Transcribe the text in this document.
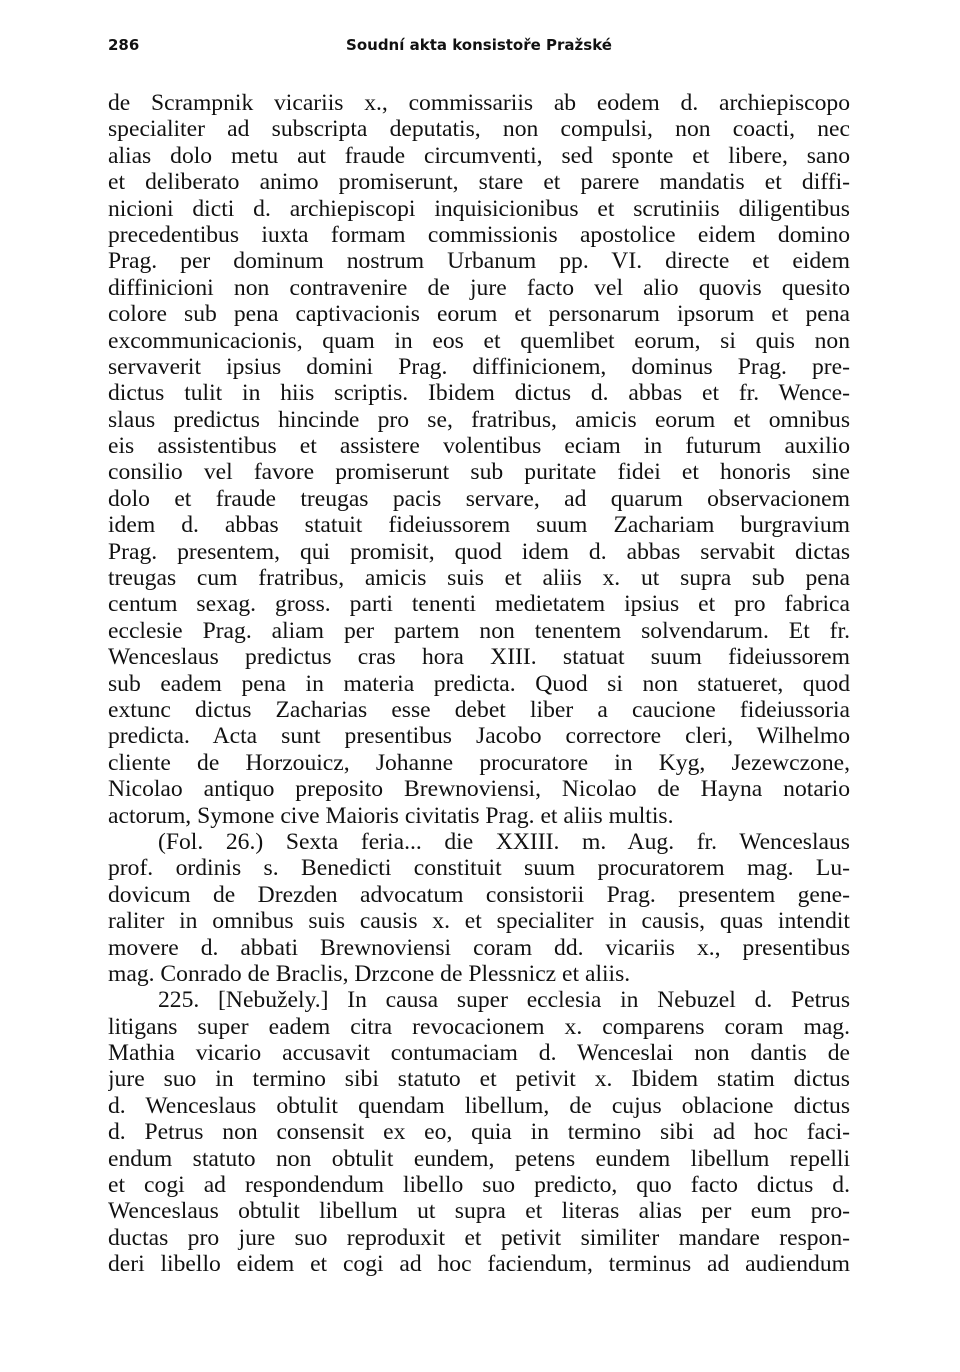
286	Soudní akta konsistoře Pražské
de Scrampnik vicariis x., commissariis ab eodem d. archiepiscopo
specialiter ad subscripta deputatis, non compulsi, non coacti, nec
alias dolo metu aut fraude circumventi, sed sponte et libere, sano
et deliberato animo promiserunt, stare et parere mandatis et diffi-
nicioni dicti d. archiepiscopi inquisicionibus et scrutiniis diligentibus
precedentibus iuxta formam commissionis apostolice eidem domino
Prag. per dominum nostrum Urbanum pp. VI. directe et eidem
diffinicioni non contravenire de jure facto vel alio quovis quesito
colore sub pena captivacionis eorum et personarum ipsorum et pena
excommunicacionis, quam in eos et quemlibet eorum, si quis non
servaverit ipsius domini Prag. diffinicionem, dominus Prag. pre-
dictus tulit in hiis scriptis. Ibidem dictus d. abbas et fr. Wence-
slaus predictus hincinde pro se, fratribus, amicis eorum et omnibus
eis assistentibus et assistere volentibus eciam in futurum auxilio
consilio vel favore promiserunt sub puritate fidei et honoris sine
dolo et fraude treugas pacis servare, ad quarum observacionem
idem d. abbas statuit fideiussorem suum Zachariam burgravium
Prag. presentem, qui promisit, quod idem d. abbas servabit dictas
treugas cum fratribus, amicis suis et aliis x. ut supra sub pena
centum sexag. gross. parti tenenti medietatem ipsius et pro fabrica
ecclesie Prag. aliam per partem non tenentem solvendarum. Et fr.
Wenceslaus predictus cras hora XIII. statuat suum fideiussorem
sub eadem pena in materia predicta. Quod si non statueret, quod
extunc dictus Zacharias esse debet liber a caucione fideiussoria
predicta. Acta sunt presentibus Jacobo correctore cleri, Wilhelmo
cliente de Horzouicz, Johanne procuratore in Kyg, Jezewczone,
Nicolao antiquo preposito Brewnoviensi, Nicolao de Hayna notario
actorum, Symone cive Maioris civitatis Prag. et aliis multis.
(Fol. 26.) Sexta feria... die XXIII. m. Aug. fr. Wenceslaus
prof. ordinis s. Benedicti constituit suum procuratorem mag. Lu-
dovicum de Drezden advocatum consistorii Prag. presentem gene-
raliter in omnibus suis causis x. et specialiter in causis, quas intendit
movere d. abbati Brewnoviensi coram dd. vicariis x., presentibus
mag. Conrado de Braclis, Drzcone de Plessnicz et aliis.
225. [Nebužely.] In causa super ecclesia in Nebuzel d. Petrus
litigans super eadem citra revocacionem x. comparens coram mag.
Mathia vicario accusavit contumaciam d. Wenceslai non dantis de
jure suo in termino sibi statuto et petivit x. Ibidem statim dictus
d. Wenceslaus obtulit quendam libellum, de cujus oblacione dictus
d. Petrus non consensit ex eo, quia in termino sibi ad hoc faci-
endum statuto non obtulit eundem, petens eundem libellum repelli
et cogi ad respondendum libello suo predicto, quo facto dictus d.
Wenceslaus obtulit libellum ut supra et literas alias per eum pro-
ductas pro jure suo reproduxit et petivit similiter mandare respon-
deri libello eidem et cogi ad hoc faciendum, terminus ad audiendum
